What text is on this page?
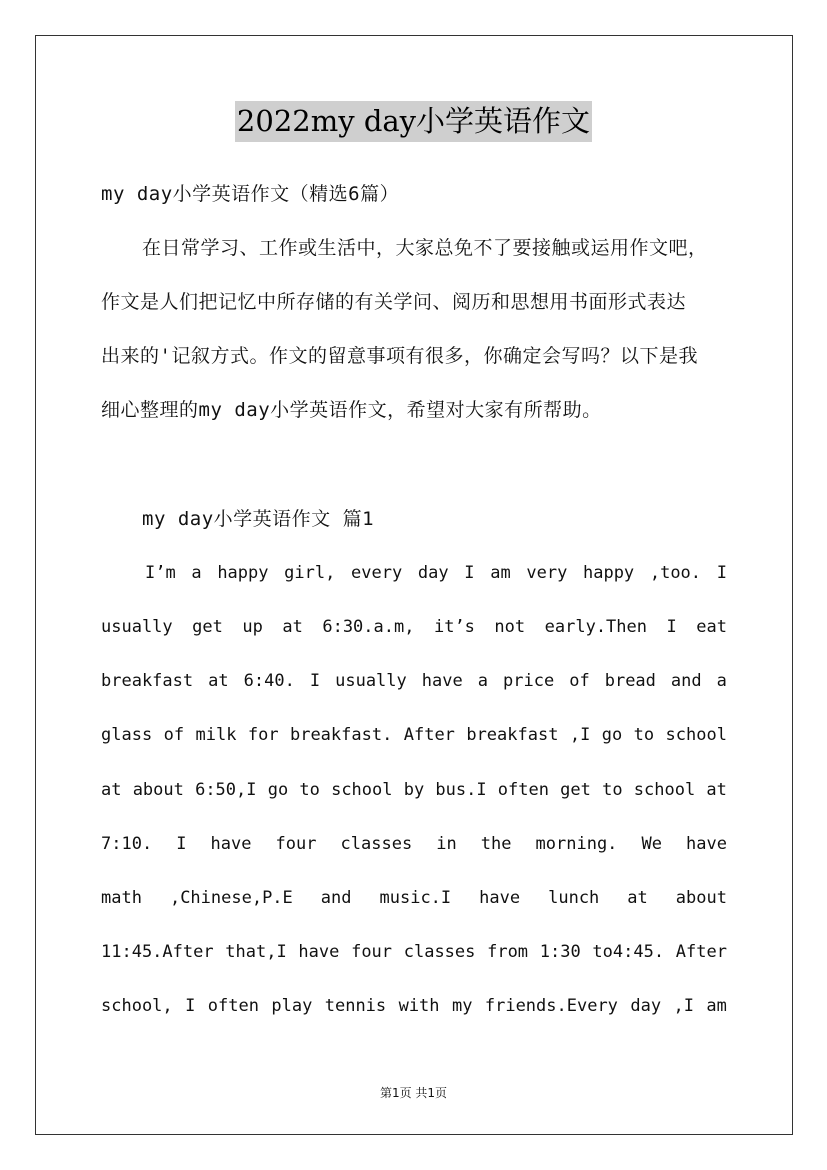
2022my day小学英语作文
my day小学英语作文（精选6篇）
在日常学习、工作或生活中，大家总免不了要接触或运用作文吧，
作文是人们把记忆中所存储的有关学问、阅历和思想用书面形式表达
出来的'记叙方式。作文的留意事项有很多，你确定会写吗？以下是我
细心整理的my day小学英语作文，希望对大家有所帮助。
my day小学英语作文 篇1
I’m a happy girl, every day I am very happy ,too. I
usually get up at 6:30.a.m, it’s not early.Then I eat
breakfast at 6:40. I usually have a price of bread and a
glass of milk for breakfast. After breakfast ,I go to school
at about 6:50,I go to school by bus.I often get to school at
7:10. I have four classes in the morning. We have
math ,Chinese,P.E and music.I have lunch at about
11:45.After that,I have four classes from 1:30 to4:45. After
school, I often play tennis with my friends.Every day ,I am
第1页 共1页
